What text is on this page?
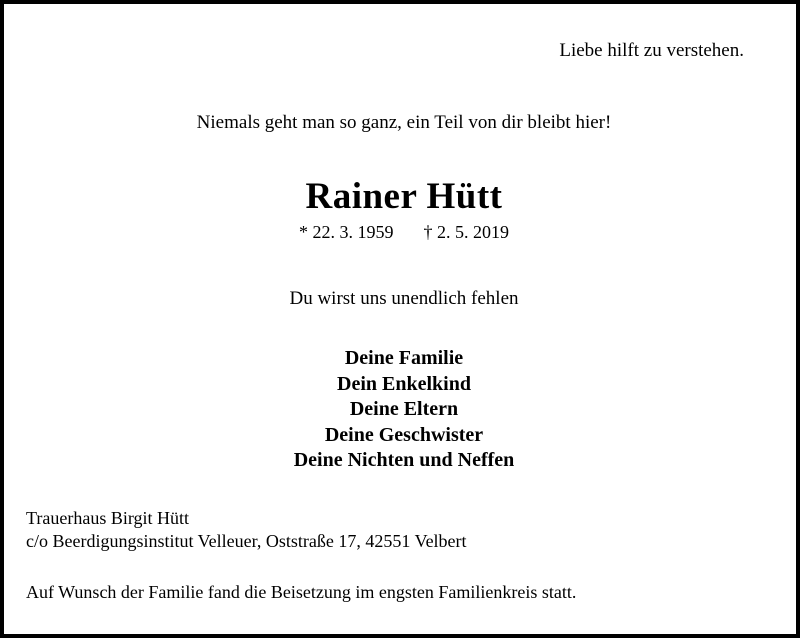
Liebe hilft zu verstehen.
Niemals geht man so ganz, ein Teil von dir bleibt hier!
Rainer Hütt
* 22. 3. 1959 † 2. 5. 2019
Du wirst uns unendlich fehlen
Deine Familie
Dein Enkelkind
Deine Eltern
Deine Geschwister
Deine Nichten und Neffen
Trauerhaus Birgit Hütt
c/o Beerdigungsinstitut Velleuer, Oststraße 17, 42551 Velbert
Auf Wunsch der Familie fand die Beisetzung im engsten Familienkreis statt.
